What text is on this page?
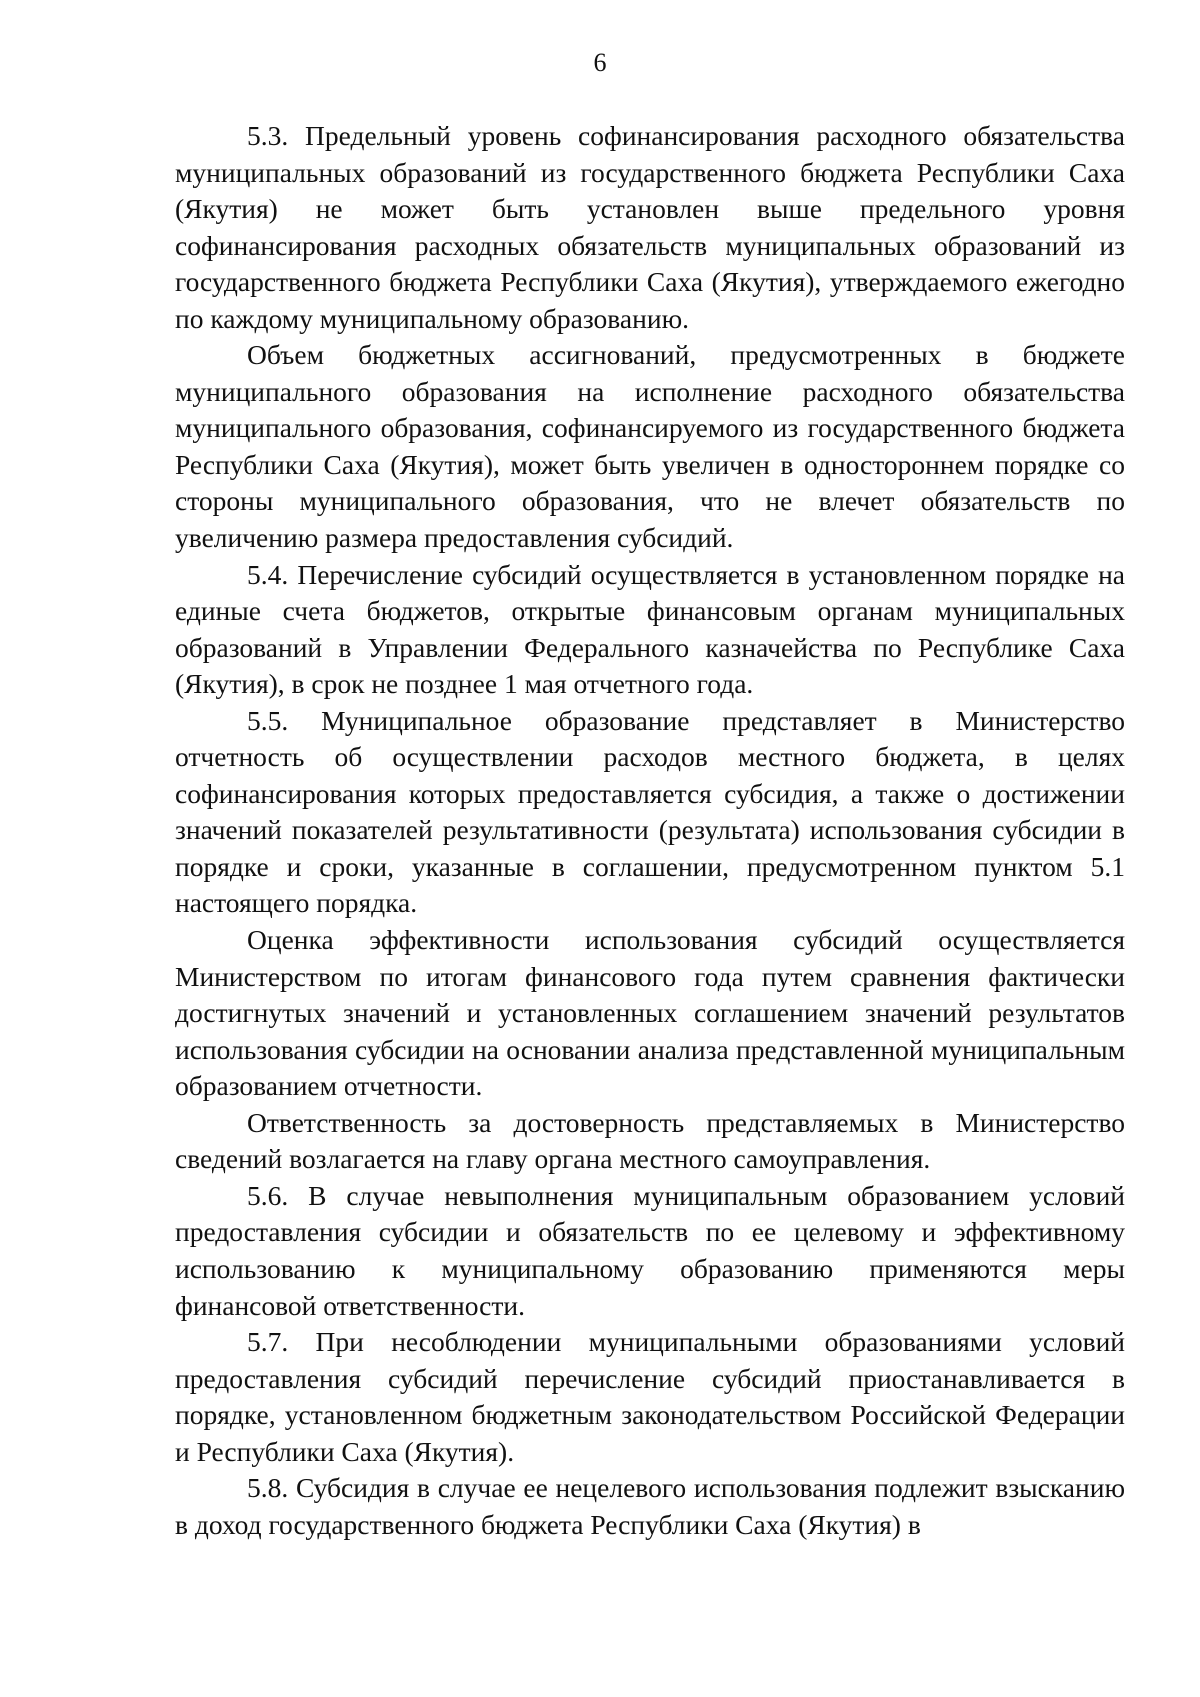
6

5.3. Предельный уровень софинансирования расходного обязательства муниципальных образований из государственного бюджета Республики Саха (Якутия) не может быть установлен выше предельного уровня софинансирования расходных обязательств муниципальных образований из государственного бюджета Республики Саха (Якутия), утверждаемого ежегодно по каждому муниципальному образованию.

Объем бюджетных ассигнований, предусмотренных в бюджете муниципального образования на исполнение расходного обязательства муниципального образования, софинансируемого из государственного бюджета Республики Саха (Якутия), может быть увеличен в одностороннем порядке со стороны муниципального образования, что не влечет обязательств по увеличению размера предоставления субсидий.

5.4. Перечисление субсидий осуществляется в установленном порядке на единые счета бюджетов, открытые финансовым органам муниципальных образований в Управлении Федерального казначейства по Республике Саха (Якутия), в срок не позднее 1 мая отчетного года.

5.5. Муниципальное образование представляет в Министерство отчетность об осуществлении расходов местного бюджета, в целях софинансирования которых предоставляется субсидия, а также о достижении значений показателей результативности (результата) использования субсидии в порядке и сроки, указанные в соглашении, предусмотренном пунктом 5.1 настоящего порядка.

Оценка эффективности использования субсидий осуществляется Министерством по итогам финансового года путем сравнения фактически достигнутых значений и установленных соглашением значений результатов использования субсидии на основании анализа представленной муниципальным образованием отчетности.

Ответственность за достоверность представляемых в Министерство сведений возлагается на главу органа местного самоуправления.

5.6. В случае невыполнения муниципальным образованием условий предоставления субсидии и обязательств по ее целевому и эффективному использованию к муниципальному образованию применяются меры финансовой ответственности.

5.7. При несоблюдении муниципальными образованиями условий предоставления субсидий перечисление субсидий приостанавливается в порядке, установленном бюджетным законодательством Российской Федерации и Республики Саха (Якутия).

5.8. Субсидия в случае ее нецелевого использования подлежит взысканию в доход государственного бюджета Республики Саха (Якутия) в
